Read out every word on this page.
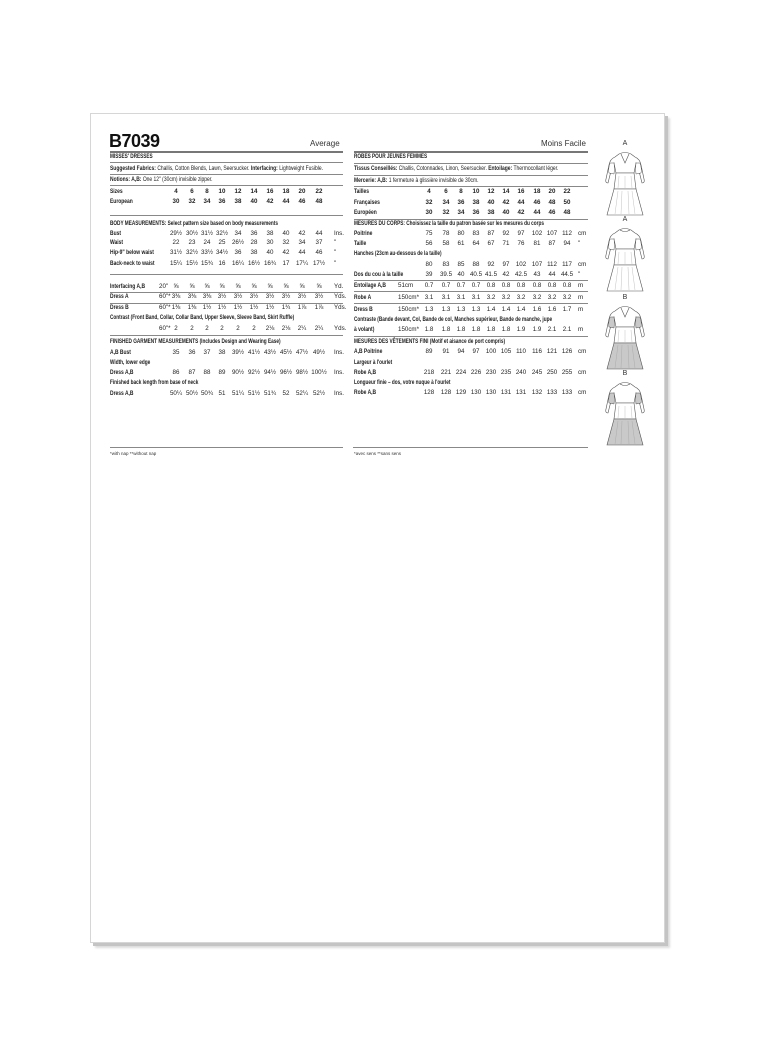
B7039	Average	Moins Facile
MISSES' DRESSES
Suggested Fabrics: Challis, Cotton Blends, Lawn, Seersucker. Interfacing: Lightweight Fusible.
Notions: A,B: One 12" (30cm) invisible zipper.
Sizes	4	6	8	10	12	14	16	18	20	22
European	30	32	34	36	38	40	42	44	46	48
BODY MEASUREMENTS: Select pattern size based on body measurements
Bust	29½ 30½ 31½ 32½	34	36	38	40	42	44	Ins.
Waist	22	23	24	25	26½	28	30	32	34	37	"
Hip-9" below waist	31½ 32½ 33½ 34½	36	38	40	42	44	46	"
Back-neck to waist	15¼ 15½ 15¾ 16	16¼ 16½ 16¾	17	17¼ 17½	"
Interfacing A,B 20" ⅝	⅝	⅝	⅝	⅝	⅝	⅝	⅝	⅝	⅝	Yd.
Dress A	60"* 3⅜	3⅜	3⅜	3½	3½	3½	3½	3½	3½	3½	Yds.
Dress B	60"* 1⅜	1⅜	1½	1½	1½	1½	1½	1¾	1⅞	1⅞	Yds.
Contrast (Front Band, Collar, Collar Band, Upper Sleeve, Sleeve Band, Skirt Ruffle)
60"* 2	2	2	2	2	2	2⅛	2⅛	2¼	2¼	Yds.
FINISHED GARMENT MEASUREMENTS (Includes Design and Wearing Ease)
A,B Bust	35	36	37	38	39½ 41½ 43½ 45½ 47½ 49½	Ins.
Width, lower edge
Dress A,B	86	87	88	89	90½ 92½ 94½ 96½ 98½ 100½ Ins.
Finished back length from base of neck
Dress A,B	50¼ 50½ 50¾ 51	51¼ 51½ 51¾	52	52¼ 52½	Ins.
ROBES POUR JEUNES FEMMES
Tissus Conseillés: Challis, Cotonnades, Linon, Seersucker. Entoilage: Thermocollant léger.
Mercerie: A,B: 1 fermeture à glissière invisible de 30cm.
Tailles	4	6	8	10	12	14	16	18	20	22
Françaises	32	34	36	38	40	42	44	46	48	50
Européen	30	32	34	36	38	40	42	44	46	48
MESURES DU CORPS: Choisissez la taille du patron basée sur les mesures du corps
Poitrine	75	78	80	83	87	92	97	102 107 112 cm
Taille	56	58	61	64	67	71	76	81	87	94	"
Hanches (23cm au-dessous de la taille)
80	83	85	88	92	97	102 107 112 117 cm
Dos du cou à la taille	39	39.5 40 40.5 41.5 42 42.5	43	44 44.5 "
Entoilage A,B 51cm	0.7	0.7	0.7	0.7	0.8	0.8	0.8	0.8	0.8	0.8	m
Robe A	150cm* 3.1	3.1	3.1	3.1	3.2	3.2	3.2	3.2	3.2	3.2	m
Dress B	150cm* 1.3	1.3	1.3	1.3	1.4	1.4	1.4	1.6	1.6	1.7	m
Contraste (Bande devant, Col, Bande de col, Manches supérieur, Bande de manche, jupe
à volant)	150cm* 1.8	1.8	1.8	1.8	1.8	1.8	1.9	1.9	2.1	2.1	m
MESURES DES VÊTEMENTS FINI (Motif et aisance de port compris)
A,B Poitrine	89	91	94	97	100 105 110 116 121 126 cm
Largeur à l'ourlet
Robe A,B	218	221 224 226 230 235 240 245 250 255 cm
Longueur finie – dos, votre nuque à l'ourlet
Robe A,B	128	128 129 130 130 131 131 132 133 133 cm
*with nap **without nap	*avec sens **sans sens
A
A
B
B
